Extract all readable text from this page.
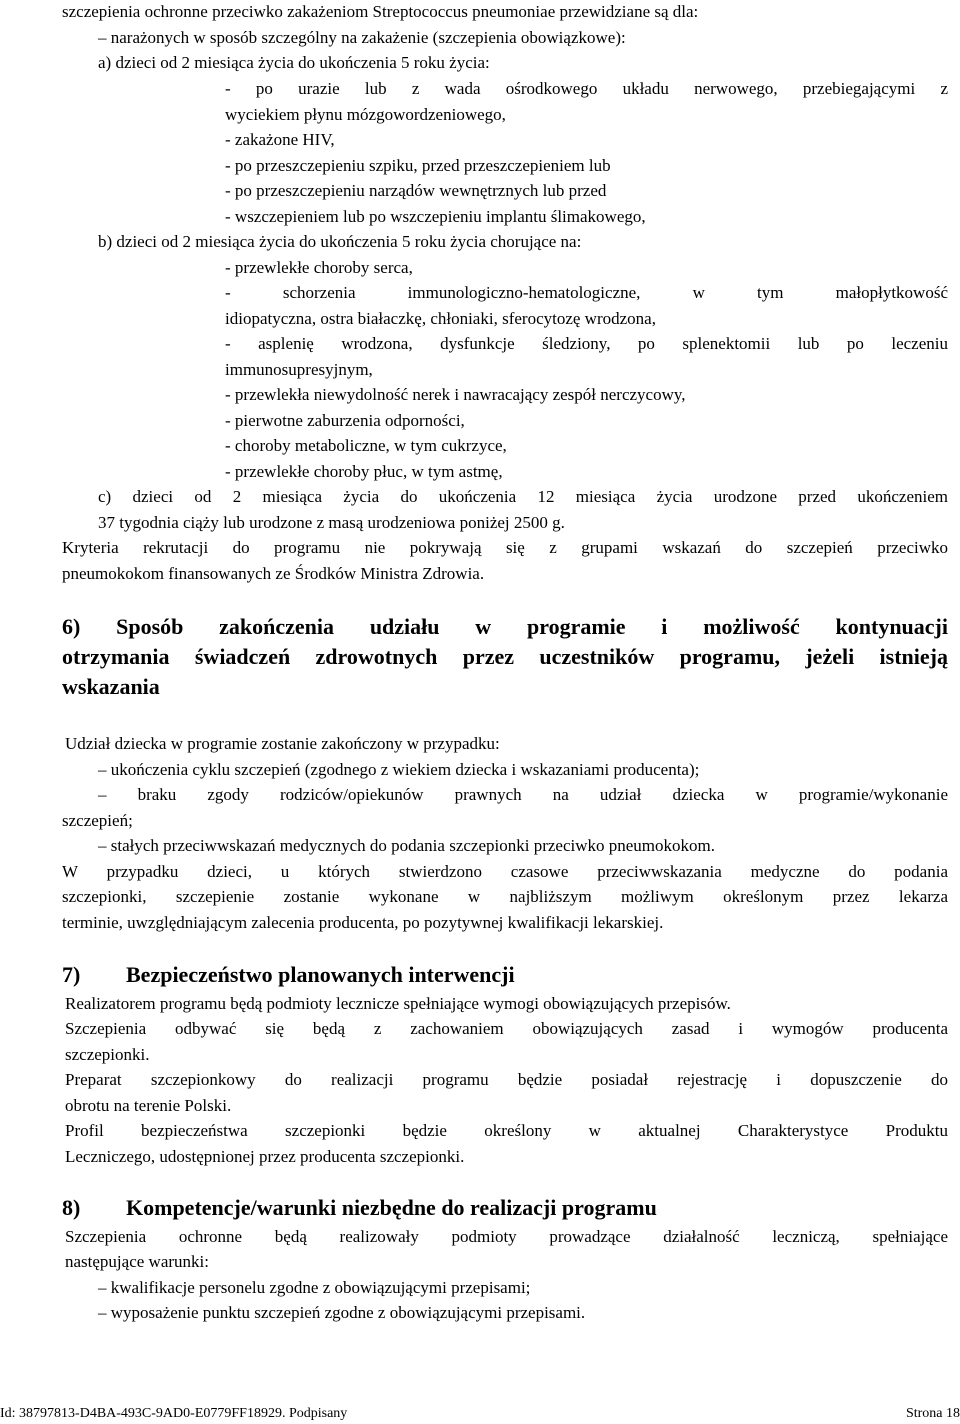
szczepienia ochronne przeciwko zakażeniom Streptococcus pneumoniae przewidziane są dla:
– narażonych w sposób szczególny na zakażenie (szczepienia obowiązkowe):
a) dzieci od 2 miesiąca życia do ukończenia 5 roku życia:
- po urazie lub z wada ośrodkowego układu nerwowego, przebiegającymi z
wyciekiem płynu mózgowordzeniowego,
- zakażone HIV,
- po przeszczepieniu szpiku, przed przeszczepieniem lub
- po przeszczepieniu narządów wewnętrznych lub przed
- wszczepieniem lub po wszczepieniu implantu ślimakowego,
b) dzieci od 2 miesiąca życia do ukończenia 5 roku życia chorujące na:
- przewlekłe choroby serca,
- schorzenia immunologiczno-hematologiczne, w tym małopłytkowość
idiopatyczna, ostra białaczkę, chłoniaki, sferocytozę wrodzona,
- asplenię wrodzona, dysfunkcje śledziony, po splenektomii lub po leczeniu
immunosupresyjnym,
- przewlekła niewydolność nerek i nawracający zespół nerczycowy,
- pierwotne zaburzenia odporności,
- choroby metaboliczne, w tym cukrzyce,
- przewlekłe choroby płuc, w tym astmę,
c) dzieci od 2 miesiąca życia do ukończenia 12 miesiąca życia urodzone przed ukończeniem
37 tygodnia ciąży lub urodzone z masą urodzeniowa poniżej 2500 g.
Kryteria rekrutacji do programu nie pokrywają się z grupami wskazań do szczepień przeciwko
pneumokokom finansowanych ze Środków Ministra Zdrowia.
6) Sposób zakończenia udziału w programie i możliwość kontynuacji
otrzymania świadczeń zdrowotnych przez uczestników programu, jeżeli istnieją
wskazania
Udział dziecka w programie zostanie zakończony w przypadku:
– ukończenia cyklu szczepień (zgodnego z wiekiem dziecka i wskazaniami producenta);
– braku zgody rodziców/opiekunów prawnych na udział dziecka w programie/wykonanie
szczepień;
– stałych przeciwwskazań medycznych do podania szczepionki przeciwko pneumokokom.
W przypadku dzieci, u których stwierdzono czasowe przeciwwskazania medyczne do podania
szczepionki, szczepienie zostanie wykonane w najbliższym możliwym określonym przez lekarza
terminie, uwzględniającym zalecenia producenta, po pozytywnej kwalifikacji lekarskiej.
7) Bezpieczeństwo planowanych interwencji
Realizatorem programu będą podmioty lecznicze spełniające wymogi obowiązujących przepisów.
Szczepienia odbywać się będą z zachowaniem obowiązujących zasad i wymogów producenta
szczepionki.
Preparat szczepionkowy do realizacji programu będzie posiadał rejestrację i dopuszczenie do
obrotu na terenie Polski.
Profil bezpieczeństwa szczepionki będzie określony w aktualnej Charakterystyce Produktu
Leczniczego, udostępnionej przez producenta szczepionki.
8) Kompetencje/warunki niezbędne do realizacji programu
Szczepienia ochronne będą realizowały podmioty prowadzące działalność leczniczą, spełniające
następujące warunki:
– kwalifikacje personelu zgodne z obowiązującymi przepisami;
– wyposażenie punktu szczepień zgodne z obowiązującymi przepisami.
Id: 38797813-D4BA-493C-9AD0-E0779FF18929. Podpisany	Strona 18
